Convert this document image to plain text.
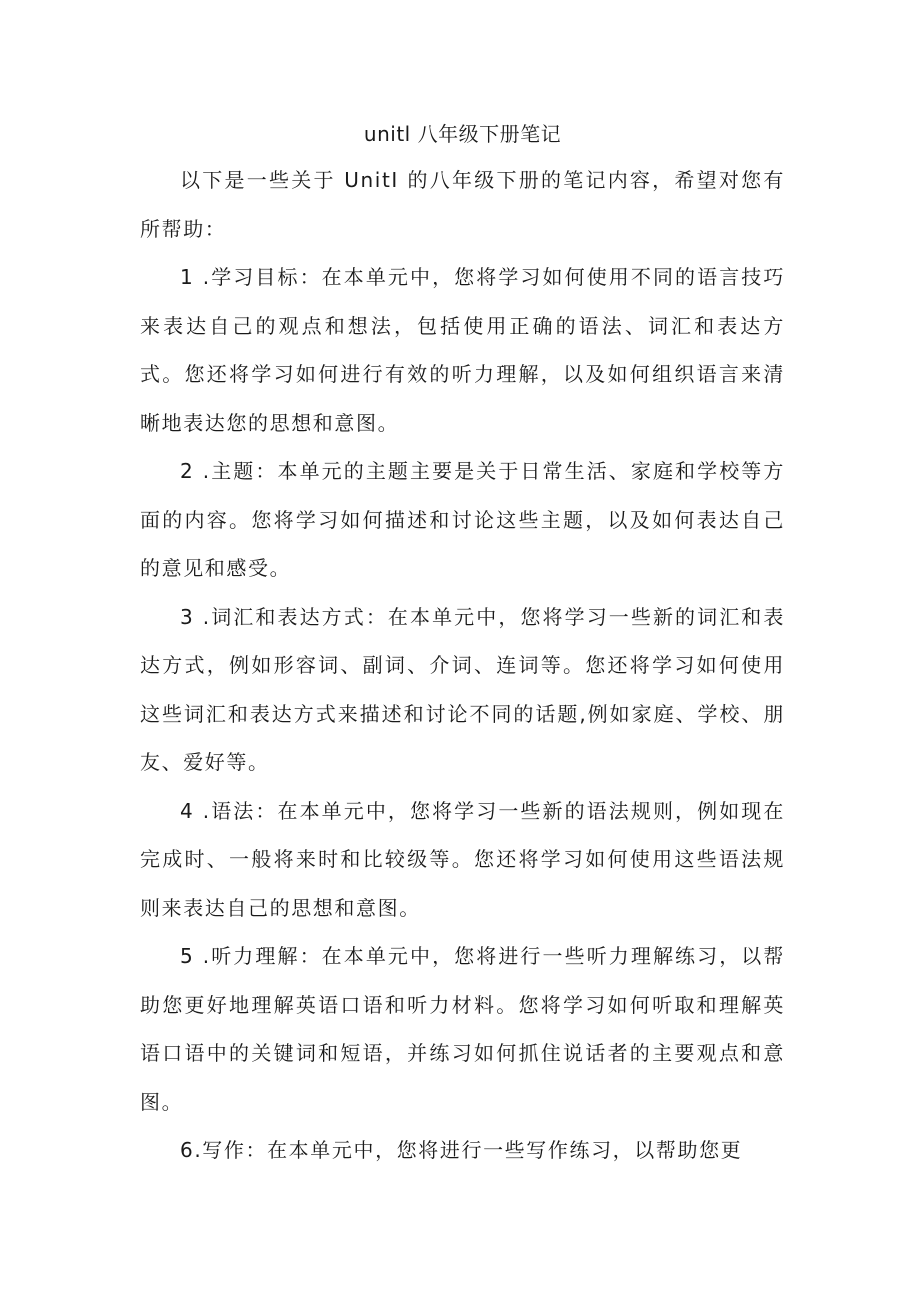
unitl 八年级下册笔记

以下是一些关于 UnitI 的八年级下册的笔记内容，希望对您有所帮助：

1 .学习目标：在本单元中，您将学习如何使用不同的语言技巧来表达自己的观点和想法，包括使用正确的语法、词汇和表达方式。您还将学习如何进行有效的听力理解，以及如何组织语言来清晰地表达您的思想和意图。

2 .主题：本单元的主题主要是关于日常生活、家庭和学校等方面的内容。您将学习如何描述和讨论这些主题，以及如何表达自己的意见和感受。

3 .词汇和表达方式：在本单元中，您将学习一些新的词汇和表达方式，例如形容词、副词、介词、连词等。您还将学习如何使用这些词汇和表达方式来描述和讨论不同的话题,例如家庭、学校、朋友、爱好等。

4 .语法：在本单元中，您将学习一些新的语法规则，例如现在完成时、一般将来时和比较级等。您还将学习如何使用这些语法规则来表达自己的思想和意图。

5 .听力理解：在本单元中，您将进行一些听力理解练习，以帮助您更好地理解英语口语和听力材料。您将学习如何听取和理解英语口语中的关键词和短语，并练习如何抓住说话者的主要观点和意图。

6.写作：在本单元中，您将进行一些写作练习，以帮助您更
